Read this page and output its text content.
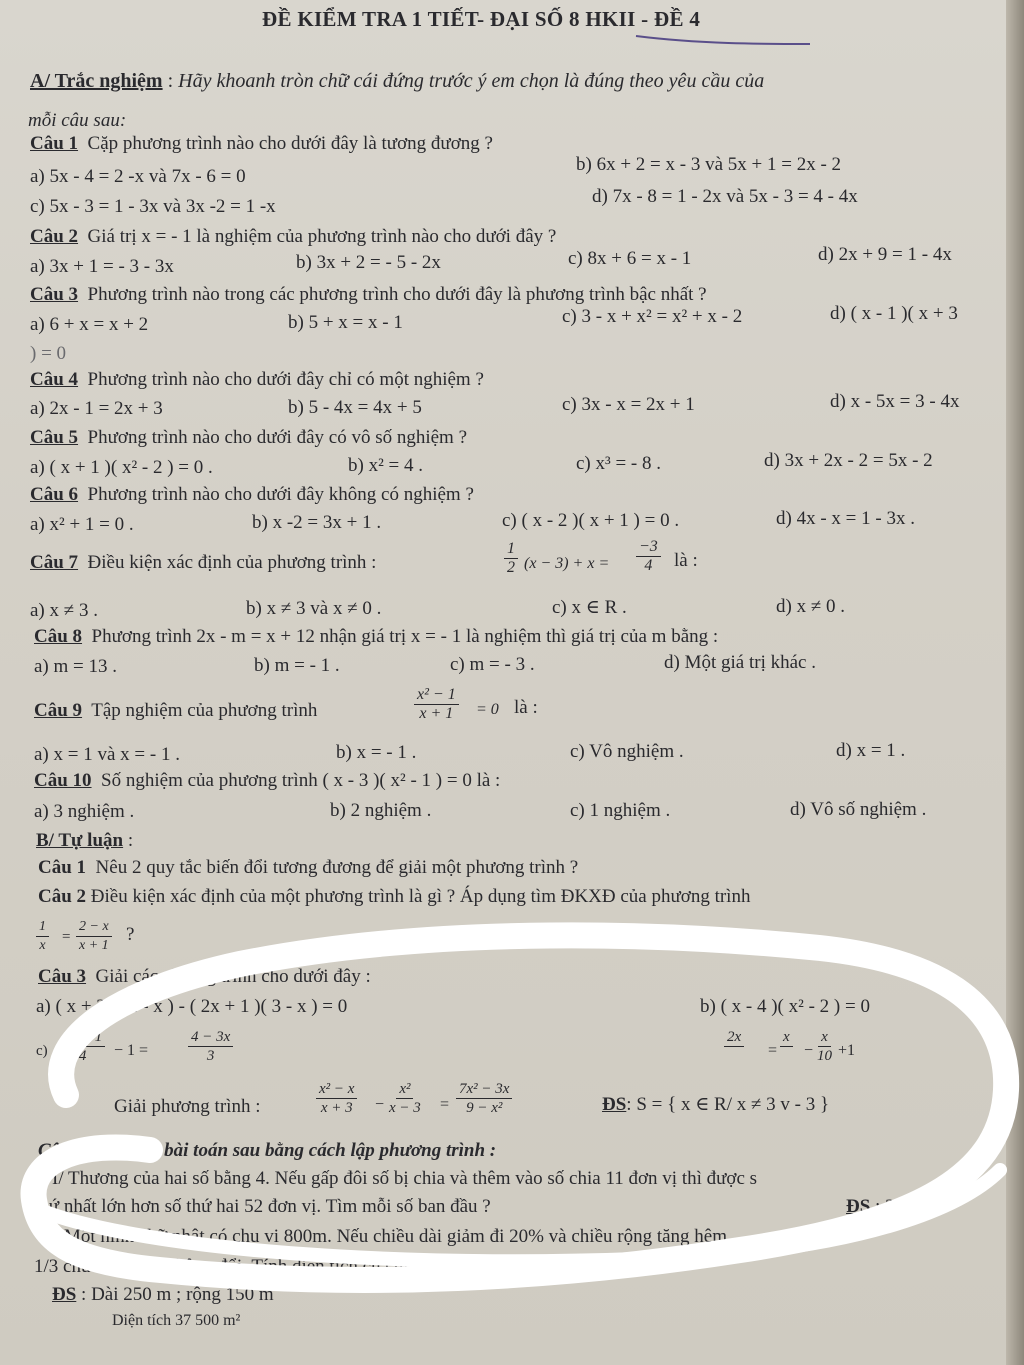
ĐỀ KIỂM TRA 1 TIẾT- ĐẠI SỐ 8 HKII - ĐỀ 4
A/ Trắc nghiệm : Hãy khoanh tròn chữ cái đứng trước ý em chọn là đúng theo yêu cầu của
mỗi câu sau:
Câu 1 Cặp phương trình nào cho dưới đây là tương đương ?
a) 5x - 4 = 2 -x và 7x - 6 = 0
b) 6x + 2 = x - 3 và 5x + 1 = 2x - 2
c) 5x - 3 = 1 - 3x và 3x -2 = 1 -x	d) 7x - 8 = 1 - 2x và 5x - 3 = 4 - 4x
Câu 2 Giá trị x = - 1 là nghiệm của phương trình nào cho dưới đây ?
a) 3x + 1 = - 3 - 3x	b) 3x + 2 = - 5 - 2x	c) 8x + 6 = x - 1	d) 2x + 9 = 1 - 4x
Câu 3 Phương trình nào trong các phương trình cho dưới đây là phương trình bậc nhất ?
a) 6 + x = x + 2	b) 5 + x = x - 1	c) 3 - x + x² = x² + x - 2	d) ( x - 1 )( x + 3
) = 0
Câu 4 Phương trình nào cho dưới đây chỉ có một nghiệm ?
a) 2x - 1 = 2x + 3	b) 5 - 4x = 4x + 5	c) 3x - x = 2x + 1	d) x - 5x = 3 - 4x
Câu 5 Phương trình nào cho dưới đây có vô số nghiệm ?
a) ( x + 1 )( x² - 2 ) = 0 .	b) x² = 4 .	c) x³ = - 8 .	d) 3x + 2x - 2 = 5x - 2
Câu 6 Phương trình nào cho dưới đây không có nghiệm ?
a) x² + 1 = 0 .	b) x -2 = 3x + 1 .	c) ( x - 2 )( x + 1 ) = 0 .	d) 4x - x = 1 - 3x .
Câu 7 Điều kiện xác định của phương trình :	$\frac{1}{2} (x - 3) + x = \frac{-3}{4}$ là :
a) x ≠ 3 .	b) x ≠ 3 và x ≠ 0 .	c) x ∈ R .	d) x ≠ 0 .
Câu 8 Phương trình 2x - m = x + 12 nhận giá trị x = - 1 là nghiệm thì giá trị của m bằng :
a) m = 13 .	b) m = - 1 .	c) m = - 3 .	d) Một giá trị khác .
Câu 9 Tập nghiệm của phương trình	$\frac{\text{x² − 1}}{x + 1} = 0$ là :
a) x = 1 và x = - 1 .	b) x = - 1 .	c) Vô nghiệm .	d) x = 1 .
Câu 10 Số nghiệm của phương trình ( x - 3 )( x² - 1 ) = 0 là :
a) 3 nghiệm .	b) 2 nghiệm .	c) 1 nghiệm .	d) Vô số nghiệm .
B/ Tự luận :
Câu 1 Nêu 2 quy tắc biến đổi tương đương để giải một phương trình ?
Câu 2 Điều kiện xác định của một phương trình là gì ? Áp dụng tìm ĐKXĐ của phương trình
$\frac{1}{x} = \frac{2 - x}{x + 1}$ ?
Câu 3 Giải các ph ơng trình cho dưới đây :
a) ( x + 2 )( 2 - x ) - ( 2x + 1 )( 3 - x ) = 0	b) ( x - 4 )( x² - 2 ) = 0
$c) \frac{3x + 1}{4} - 1$ =	$\frac{4 - 3x}{3}$	2x

=
x

− $\frac{x}{10} +1$
Giải phương trình :	$\frac{\text{x² − x}}{x + 3} - \frac{\text{x²}}{x - 3} = \frac{\text{7x² − 3x}}{\text{9 − x²}}$	ĐS: S = { x ∈ R/ x ≠ 3 v - 3 }
Câu 5 Giải các bài toán sau bằng cách lập phương trình :
I/ Thương của hai số bằng 4. Nếu gấp đôi số bị chia và thêm vào số chia 11 đơn vị thì được s
thứ nhất lớn hơn số thứ hai 52 đơn vị. Tìm mỗi số ban đầu ?	ĐS : 36 &
Một hình chữ nhật có chu vi 800m. Nếu chiều dài giảm đi 20% và chiều rộng tăng hêm
1/3 chữ nhật vẫn không đổi. Tính diện tích của hình chữ
ĐS : Dài 250 m ; rộng 150 m
Diện tích 37 500 m²
